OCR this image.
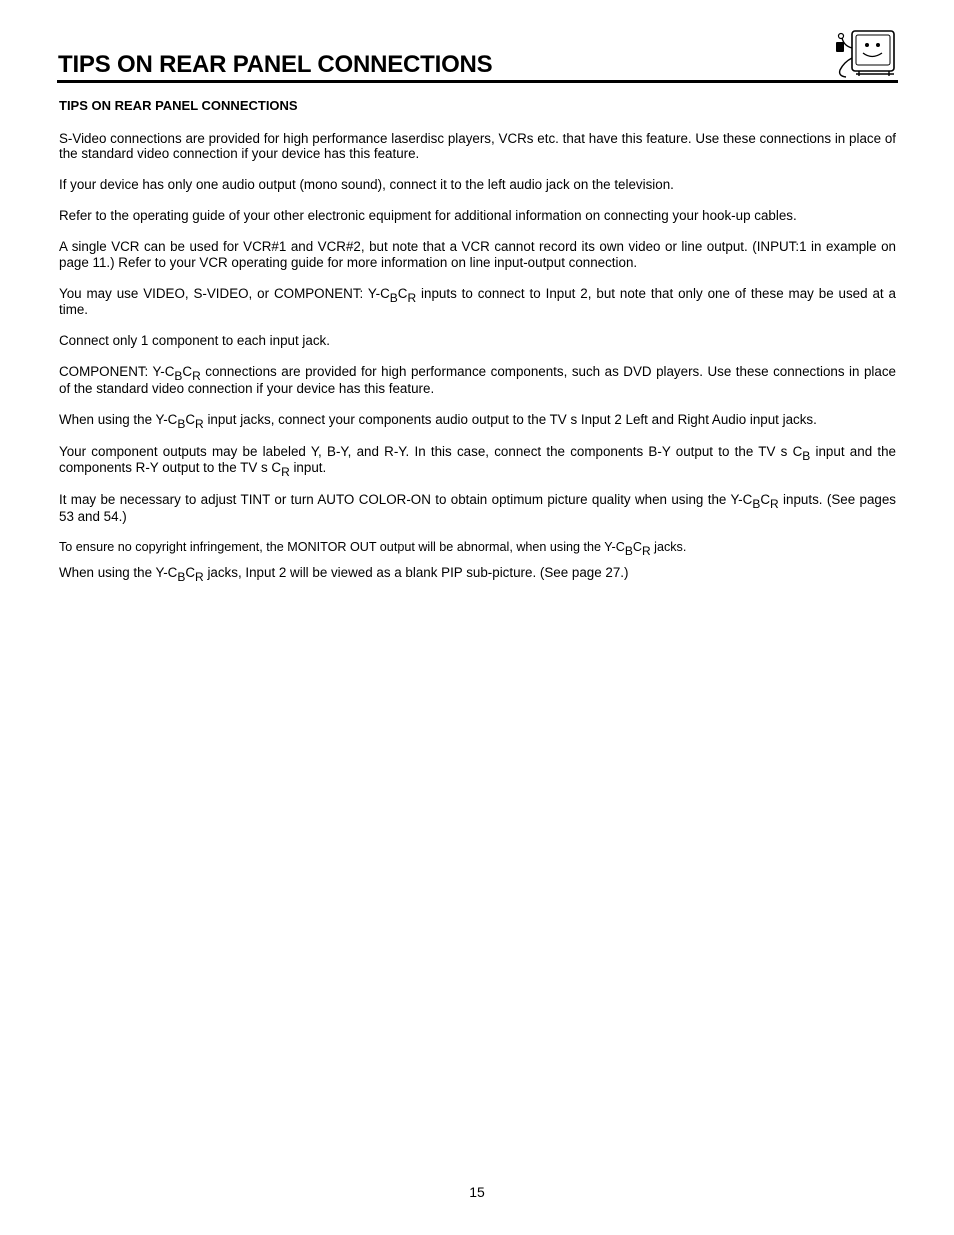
TIPS ON REAR PANEL CONNECTIONS

TIPS ON REAR PANEL CONNECTIONS

S-Video connections are provided for high performance laserdisc players, VCRs etc. that have this feature. Use these connections in place of the standard video connection if your device has this feature.

If your device has only one audio output (mono sound), connect it to the left audio jack on the television.

Refer to the operating guide of your other electronic equipment for additional information on connecting your hook-up cables.

A single VCR can be used for VCR#1 and VCR#2, but note that a VCR cannot record its own video or line output. (INPUT:1 in example on page 11.) Refer to your VCR operating guide for more information on line input-output connection.

You may use VIDEO, S-VIDEO, or COMPONENT: Y-CBCR inputs to connect to Input 2, but note that only one of these may be used at a time.

Connect only 1 component to each input jack.

COMPONENT: Y-CBCR connections are provided for high performance components, such as DVD players. Use these connections in place of the standard video connection if your device has this feature.

When using the Y-CBCR input jacks, connect your components audio output to the TV s Input 2 Left and Right Audio input jacks.

Your component outputs may be labeled Y, B-Y, and R-Y. In this case, connect the components B-Y output to the TV s CB input and the components R-Y output to the TV s CR input.

It may be necessary to adjust TINT or turn AUTO COLOR-ON to obtain optimum picture quality when using the Y-CBCR inputs. (See pages 53 and 54.)

To ensure no copyright infringement, the MONITOR OUT output will be abnormal, when using the Y-CBCR jacks.

When using the Y-CBCR jacks, Input 2 will be viewed as a blank PIP sub-picture. (See page 27.)

15
